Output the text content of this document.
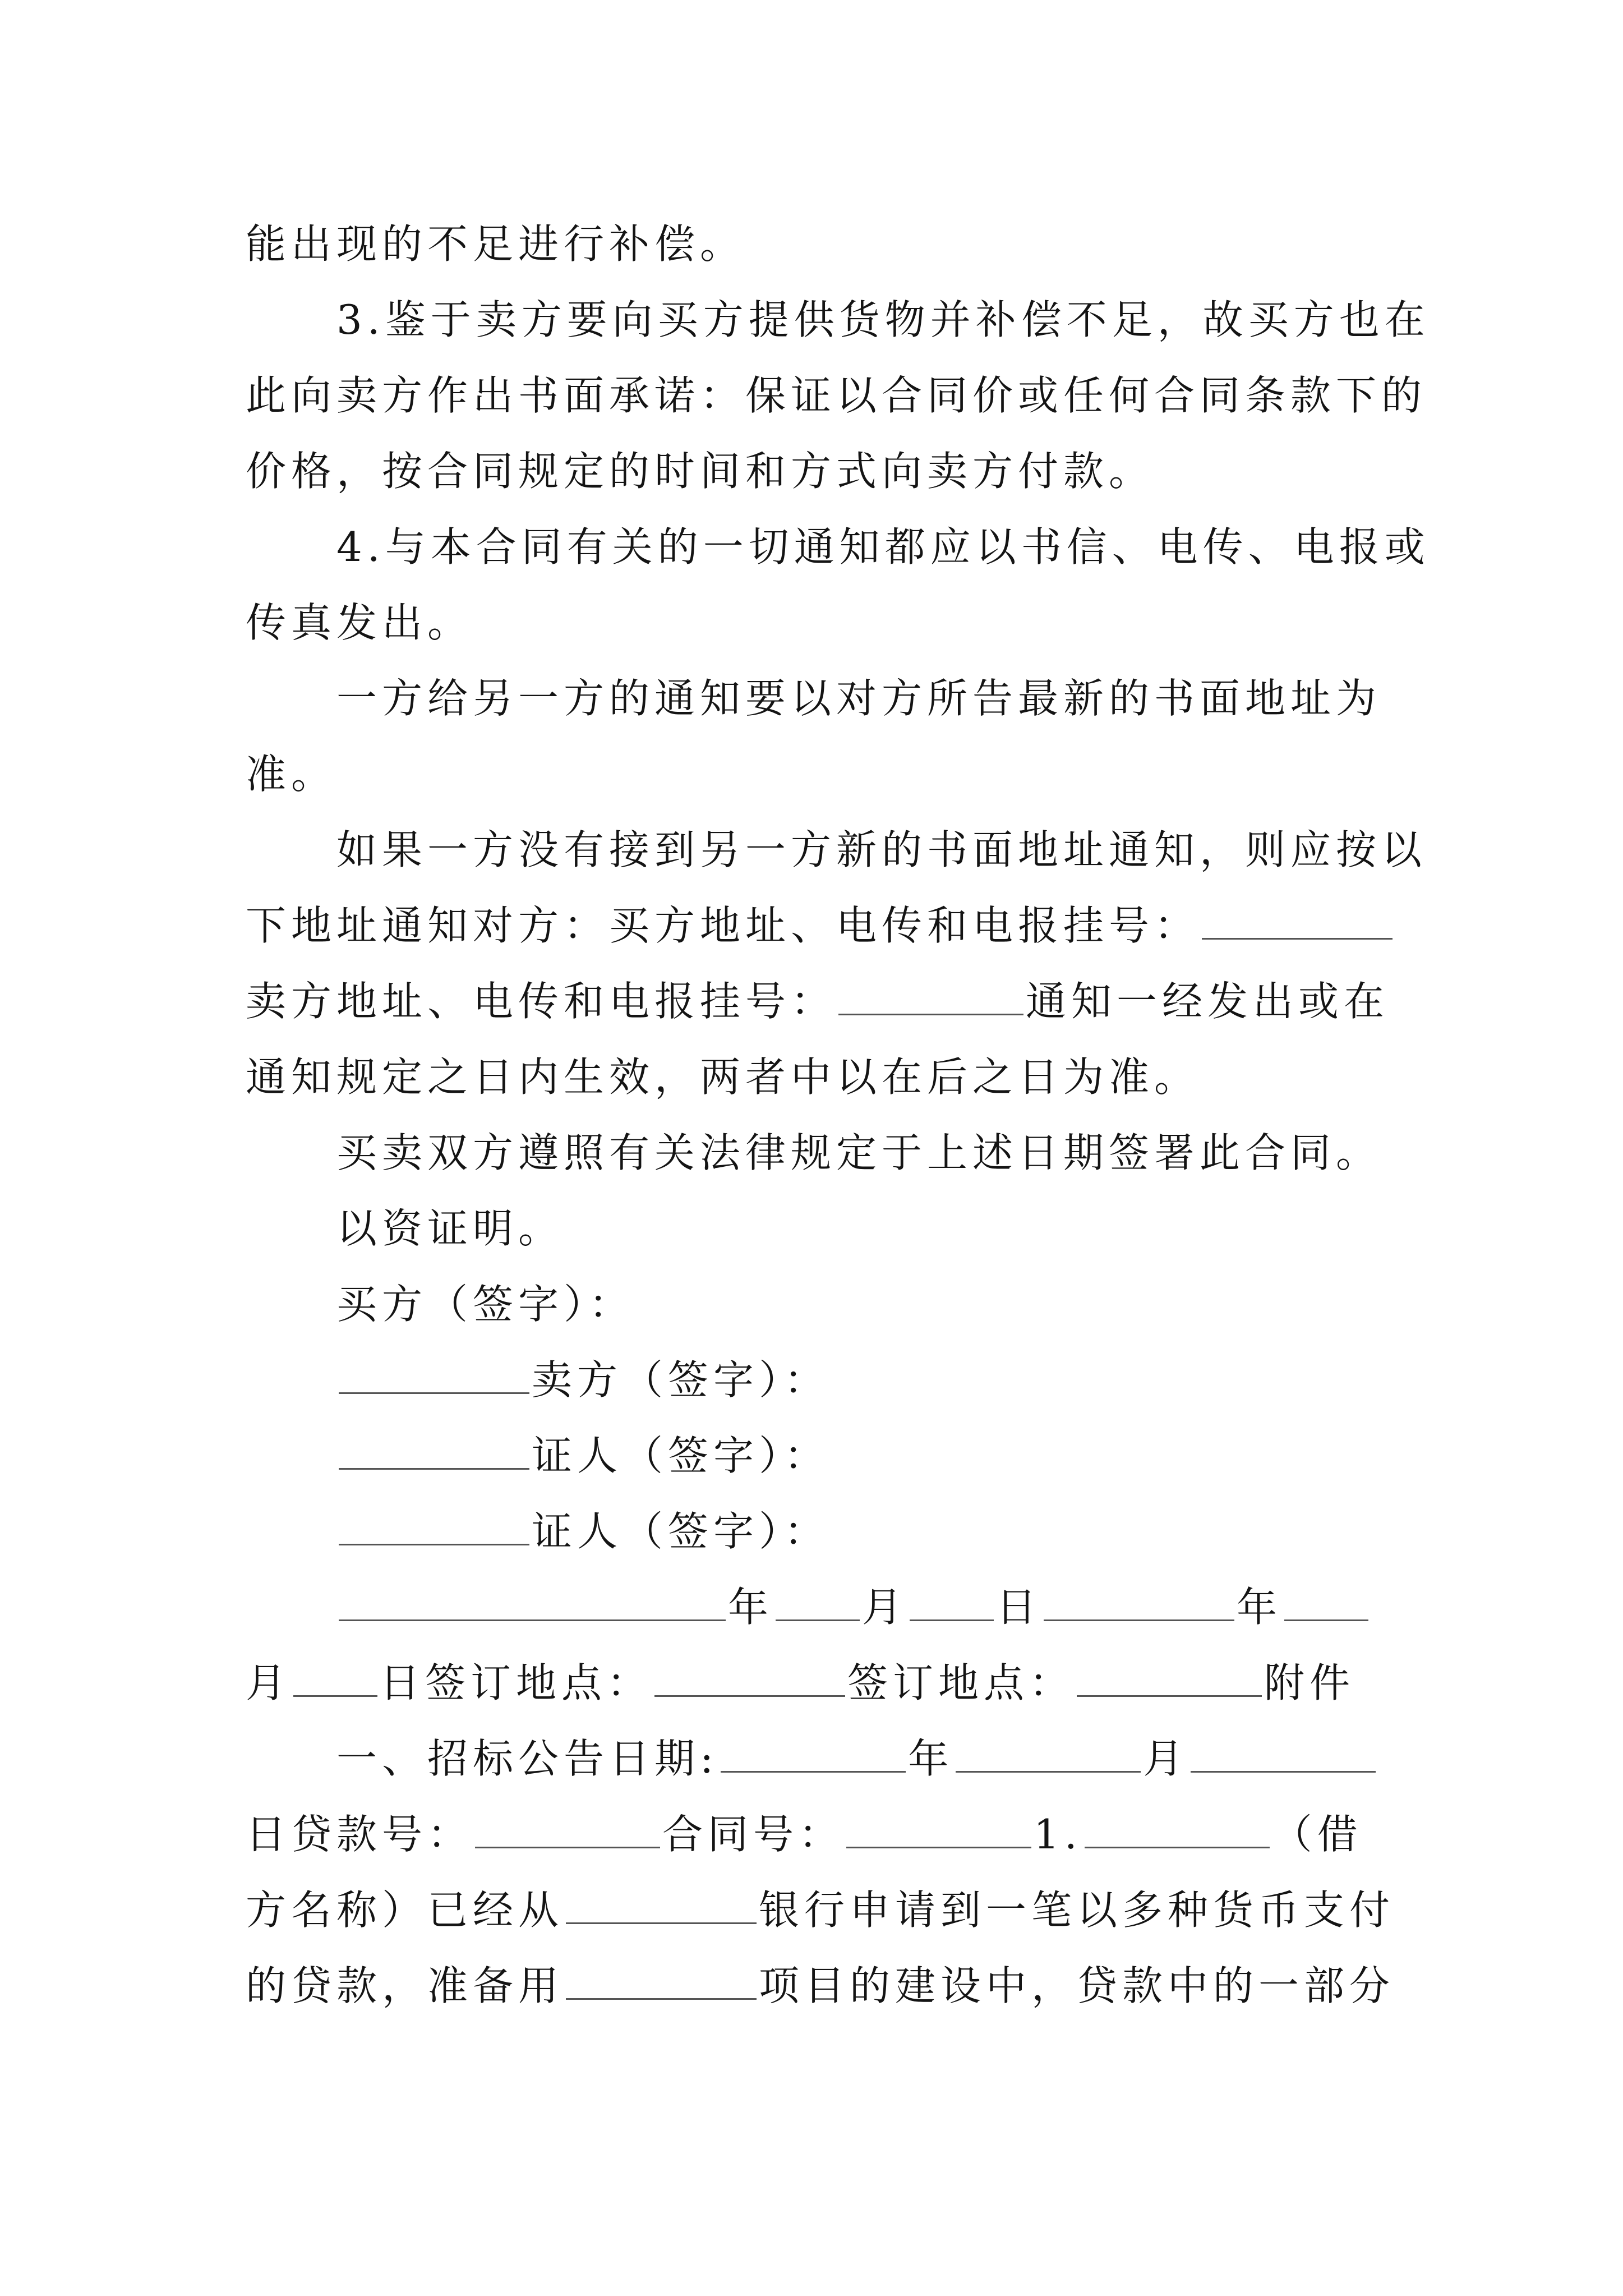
能出现的不足进行补偿。
3.鉴于卖方要向买方提供货物并补偿不足，故买方也在
此向卖方作出书面承诺：保证以合同价或任何合同条款下的
价格，按合同规定的时间和方式向卖方付款。
4.与本合同有关的一切通知都应以书信、电传、电报或
传真发出。
一方给另一方的通知要以对方所告最新的书面地址为
准。
如果一方没有接到另一方新的书面地址通知，则应按以
下地址通知对方：买方地址、电传和电报挂号：
卖方地址、电传和电报挂号：	通知一经发出或在
通知规定之日内生效，两者中以在后之日为准。
买卖双方遵照有关法律规定于上述日期签署此合同。
以资证明。
买方（签字）：
卖方（签字）：
证人（签字）：
证人（签字）：
年 月 日	年
月 日签订地点：	签订地点：	附件
一、招标公告日期:	年	月
日贷款号：	合同号：	1.	（借
方名称）已经从	银行申请到一笔以多种货币支付
的贷款，准备用	项目的建设中，贷款中的一部分
